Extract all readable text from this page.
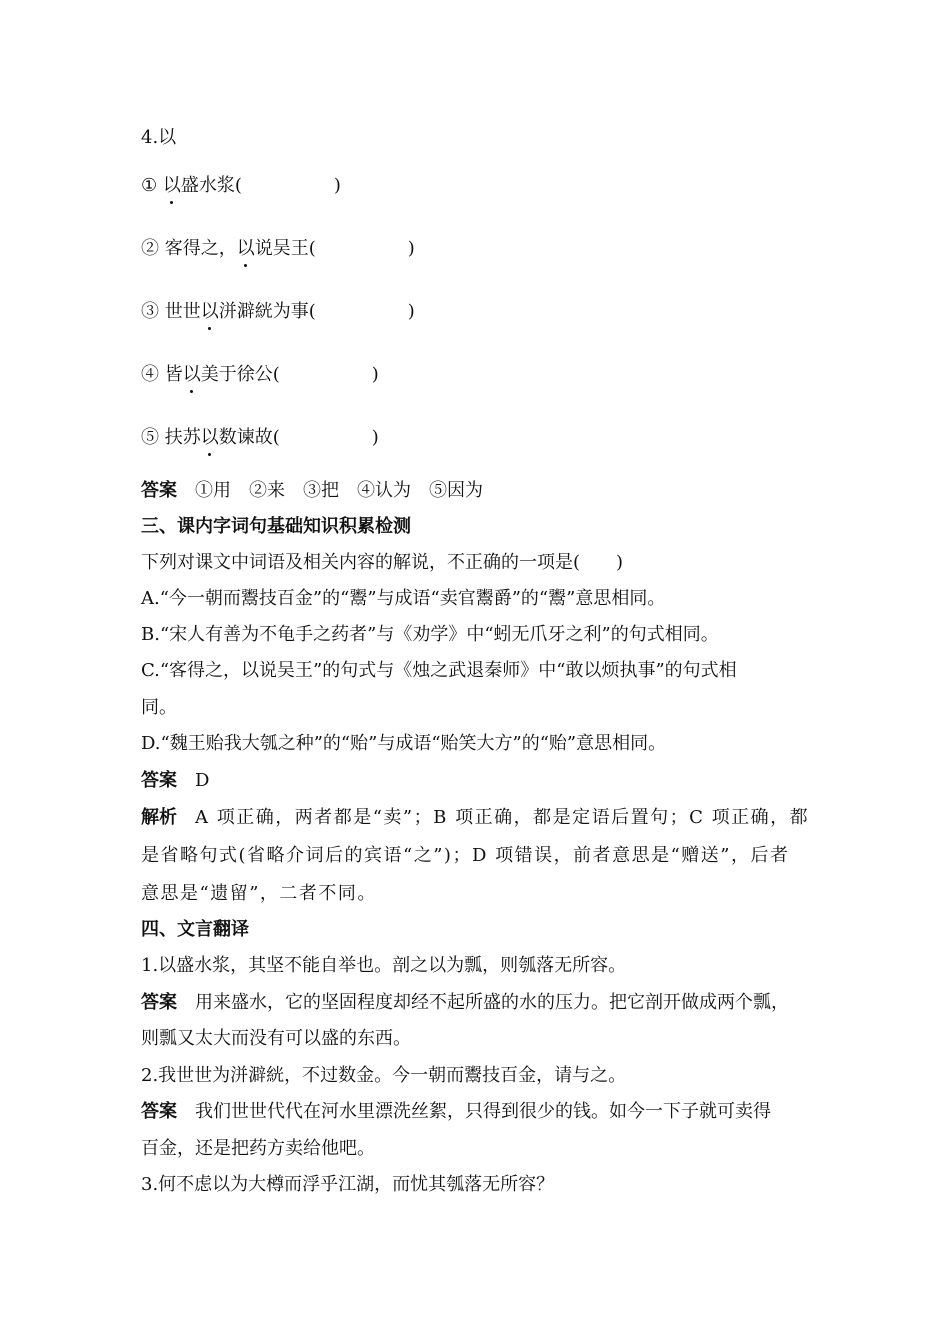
4.以
① 以盛水浆(	)
② 客得之，以说吴王(	)
③ 世世以洴澼絖为事(	)
④ 皆以美于徐公(	)
⑤ 扶苏以数谏故(	)
答案 ①用　②来　③把　④认为　⑤因为
三、课内字词句基础知识积累检测
下列对课文中词语及相关内容的解说，不正确的一项是(　　)
A.“今一朝而鬻技百金”的“鬻”与成语“卖官鬻爵”的“鬻”意思相同。
B.“宋人有善为不龟手之药者”与《劝学》中“蚓无爪牙之利”的句式相同。
C.“客得之，以说吴王”的句式与《烛之武退秦师》中“敢以烦执事”的句式相
同。
D.“魏王贻我大瓠之种”的“贻”与成语“贻笑大方”的“贻”意思相同。
答案 D
解析 A 项正确，两者都是“卖”；B 项正确，都是定语后置句；C 项正确，都
是省略句式(省略介词后的宾语“之”)；D 项错误，前者意思是“赠送”，后者
意思是“遗留”，二者不同。
四、文言翻译
1.以盛水浆，其坚不能自举也。剖之以为瓢，则瓠落无所容。
答案 用来盛水，它的坚固程度却经不起所盛的水的压力。把它剖开做成两个瓢，
则瓢又太大而没有可以盛的东西。
2.我世世为洴澼絖，不过数金。今一朝而鬻技百金，请与之。
答案 我们世世代代在河水里漂洗丝絮，只得到很少的钱。如今一下子就可卖得
百金，还是把药方卖给他吧。
3.何不虑以为大樽而浮乎江湖，而忧其瓠落无所容？
